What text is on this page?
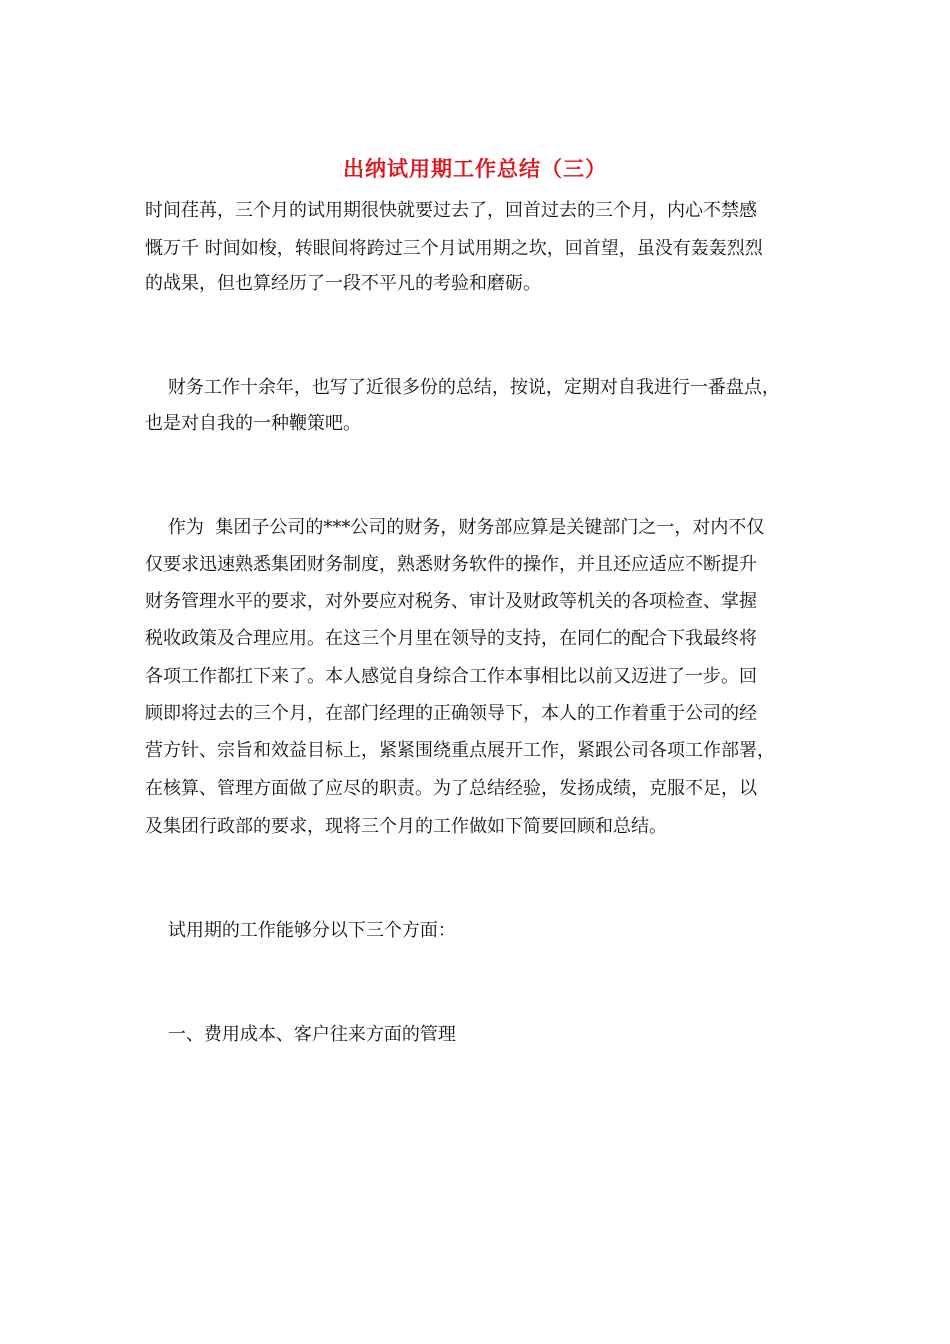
出纳试用期工作总结（三）
时间荏苒，三个月的试用期很快就要过去了，回首过去的三个月，内心不禁感
慨万千 时间如梭，转眼间将跨过三个月试用期之坎，回首望，虽没有轰轰烈烈
的战果，但也算经历了一段不平凡的考验和磨砺。
财务工作十余年，也写了近很多份的总结，按说，定期对自我进行一番盘点，
也是对自我的一种鞭策吧。
作为  集团子公司的***公司的财务，财务部应算是关键部门之一，对内不仅
仅要求迅速熟悉集团财务制度，熟悉财务软件的操作，并且还应适应不断提升
财务管理水平的要求，对外要应对税务、审计及财政等机关的各项检查、掌握
税收政策及合理应用。在这三个月里在领导的支持，在同仁的配合下我最终将
各项工作都扛下来了。本人感觉自身综合工作本事相比以前又迈进了一步。回
顾即将过去的三个月，在部门经理的正确领导下，本人的工作着重于公司的经
营方针、宗旨和效益目标上，紧紧围绕重点展开工作，紧跟公司各项工作部署，
在核算、管理方面做了应尽的职责。为了总结经验，发扬成绩，克服不足，以
及集团行政部的要求，现将三个月的工作做如下简要回顾和总结。
试用期的工作能够分以下三个方面：
一、费用成本、客户往来方面的管理
